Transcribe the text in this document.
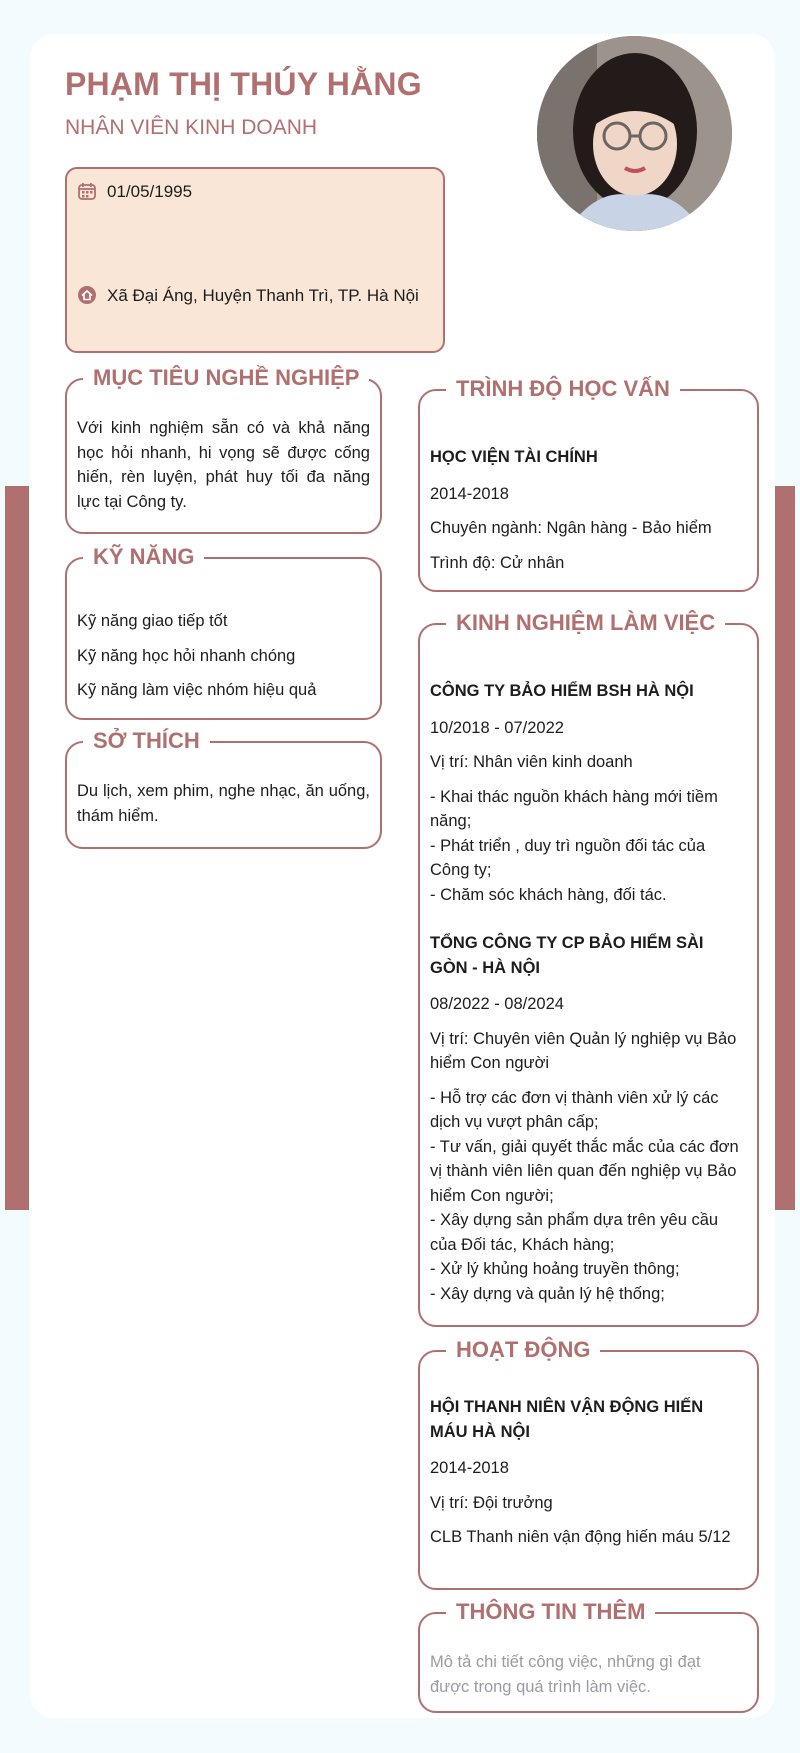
PHẠM THỊ THÚY HẰNG
NHÂN VIÊN KINH DOANH
01/05/1995
Xã Đại Áng, Huyện Thanh Trì, TP. Hà Nội
MỤC TIÊU NGHỀ NGHIỆP

Với kinh nghiệm sẵn có và khả năng học hỏi nhanh, hi vọng sẽ được cống hiến, rèn luyện, phát huy tối đa năng lực tại Công ty.

KỸ NĂNG

Kỹ năng giao tiếp tốt

Kỹ năng học hỏi nhanh chóng

Kỹ năng làm việc nhóm hiệu quả

SỞ THÍCH

Du lịch, xem phim, nghe nhạc, ăn uống, thám hiểm.

TRÌNH ĐỘ HỌC VẤN

HỌC VIỆN TÀI CHÍNH

2014-2018

Chuyên ngành: Ngân hàng - Bảo hiểm

Trình độ: Cử nhân

KINH NGHIỆM LÀM VIỆC

CÔNG TY BẢO HIỂM BSH HÀ NỘI

10/2018 - 07/2022

Vị trí: Nhân viên kinh doanh

- Khai thác nguồn khách hàng mới tiềm năng;

- Phát triển , duy trì nguồn đối tác của Công ty;

- Chăm sóc khách hàng, đối tác.

TỔNG CÔNG TY CP BẢO HIỂM SÀI GÒN - HÀ NỘI

08/2022 - 08/2024

Vị trí: Chuyên viên Quản lý nghiệp vụ Bảo hiểm Con người

- Hỗ trợ các đơn vị thành viên xử lý các dịch vụ vượt phân cấp;

- Tư vấn, giải quyết thắc mắc của các đơn vị thành viên liên quan đến nghiệp vụ Bảo hiểm Con người;

- Xây dựng sản phẩm dựa trên yêu cầu của Đối tác, Khách hàng;

- Xử lý khủng hoảng truyền thông;

- Xây dựng và quản lý hệ thống;

HOẠT ĐỘNG

HỘI THANH NIÊN VẬN ĐỘNG HIẾN MÁU HÀ NỘI

2014-2018

Vị trí: Đội trưởng

CLB Thanh niên vận động hiến máu 5/12

THÔNG TIN THÊM

Mô tả chi tiết công việc, những gì đạt được trong quá trình làm việc.
